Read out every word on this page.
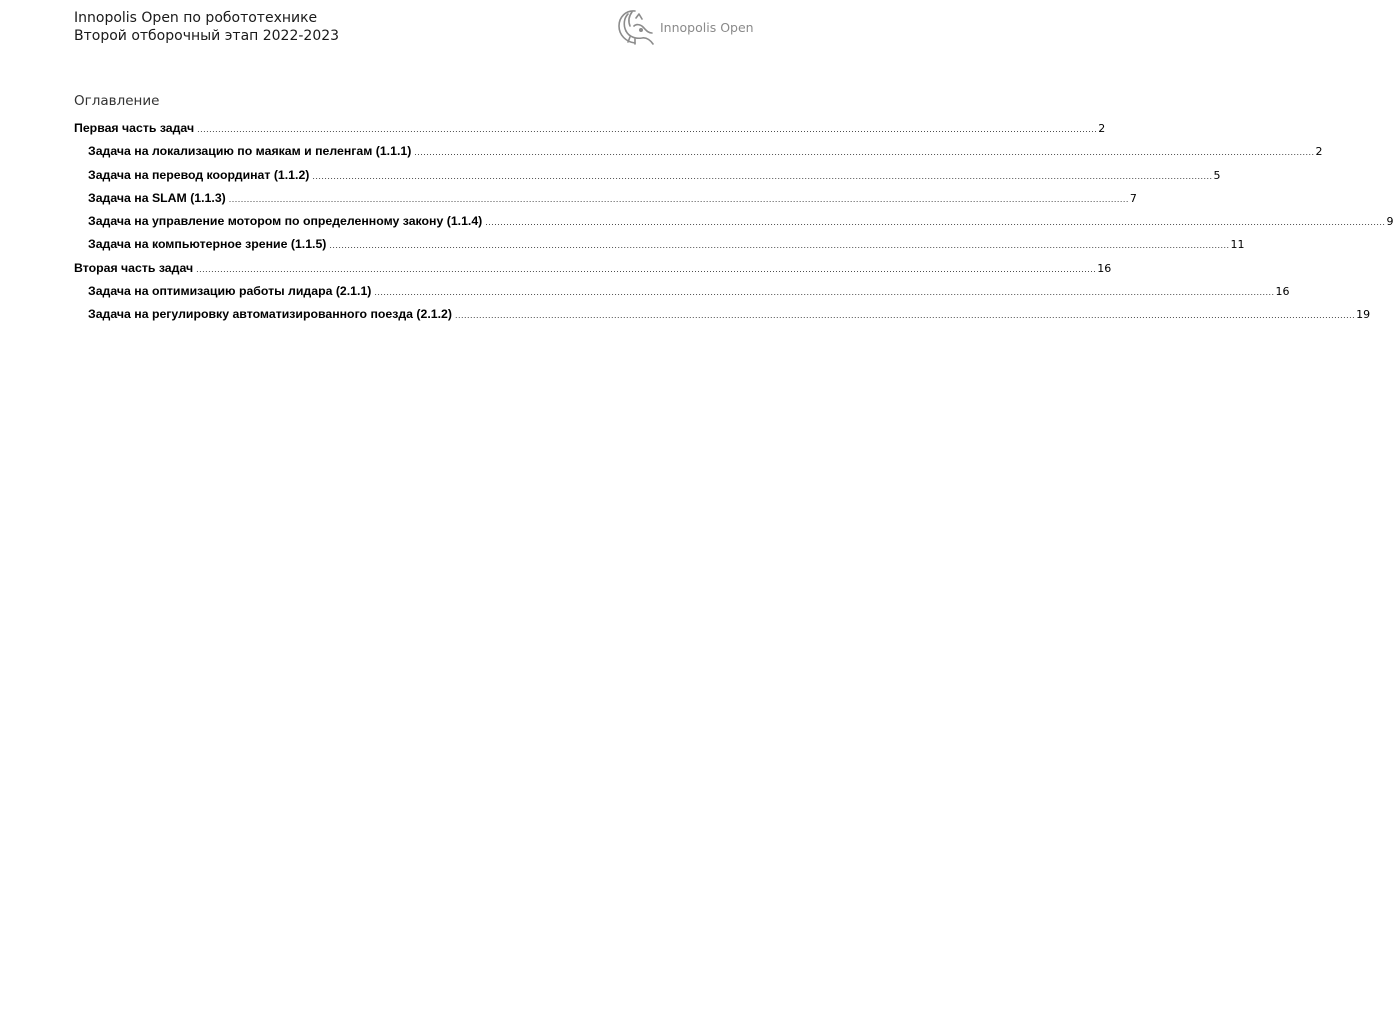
Innopolis Open по робототехнике
Второй отборочный этап 2022-2023
Innopolis Open
Оглавление
Первая часть задач ............................................................................................................................................................................................................................................................................................................ 2
Задача на локализацию по маякам и пеленгам (1.1.1) ............................................................................................................................................................................................................................................................................................................ 2
Задача на перевод координат (1.1.2) ............................................................................................................................................................................................................................................................................................................ 5
Задача на SLAM (1.1.3) ............................................................................................................................................................................................................................................................................................................ 7
Задача на управление мотором по определенному закону (1.1.4) ............................................................................................................................................................................................................................................................................................................ 9
Задача на компьютерное зрение (1.1.5) ............................................................................................................................................................................................................................................................................................................ 11
Вторая часть задач ............................................................................................................................................................................................................................................................................................................ 16
Задача на оптимизацию работы лидара (2.1.1) ............................................................................................................................................................................................................................................................................................................ 16
Задача на регулировку автоматизированного поезда (2.1.2) ............................................................................................................................................................................................................................................................................................................ 19
